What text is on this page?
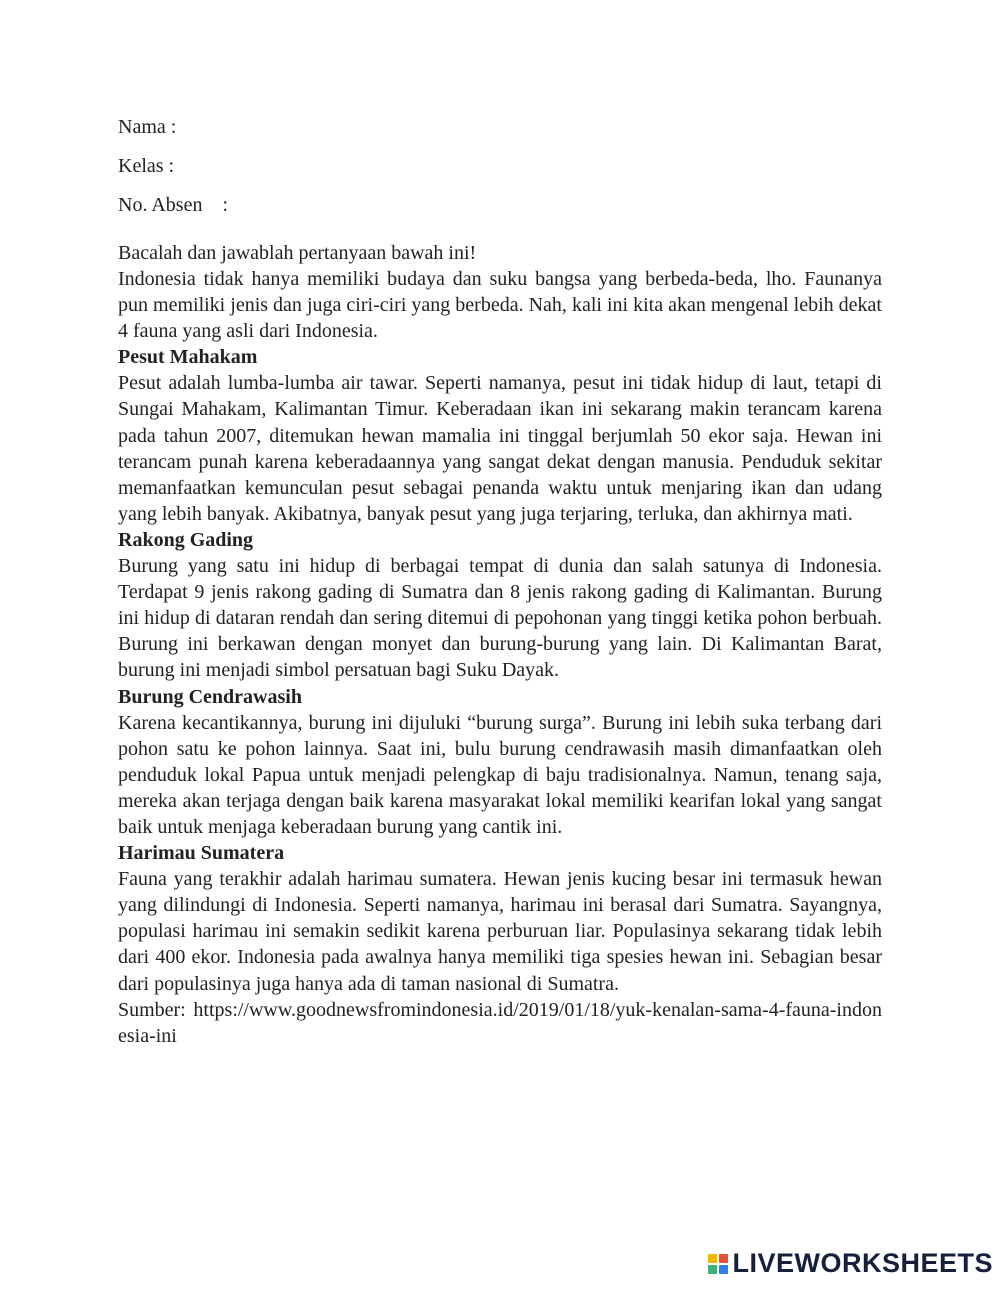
Nama :
Kelas :
No. Absen    :
Bacalah dan jawablah pertanyaan bawah ini!

Indonesia tidak hanya memiliki budaya dan suku bangsa yang berbeda-beda, lho. Faunanya pun memiliki jenis dan juga ciri-ciri yang berbeda. Nah, kali ini kita akan mengenal lebih dekat 4 fauna yang asli dari Indonesia.

Pesut Mahakam

Pesut adalah lumba-lumba air tawar. Seperti namanya, pesut ini tidak hidup di laut, tetapi di Sungai Mahakam, Kalimantan Timur. Keberadaan ikan ini sekarang makin terancam karena pada tahun 2007, ditemukan hewan mamalia ini tinggal berjumlah 50 ekor saja. Hewan ini terancam punah karena keberadaannya yang sangat dekat dengan manusia. Penduduk sekitar memanfaatkan kemunculan pesut sebagai penanda waktu untuk menjaring ikan dan udang yang lebih banyak. Akibatnya, banyak pesut yang juga terjaring, terluka, dan akhirnya mati.

Rakong Gading

Burung yang satu ini hidup di berbagai tempat di dunia dan salah satunya di Indonesia. Terdapat 9 jenis rakong gading di Sumatra dan 8 jenis rakong gading di Kalimantan. Burung ini hidup di dataran rendah dan sering ditemui di pepohonan yang tinggi ketika pohon berbuah. Burung ini berkawan dengan monyet dan burung-burung yang lain. Di Kalimantan Barat, burung ini menjadi simbol persatuan bagi Suku Dayak.

Burung Cendrawasih

Karena kecantikannya, burung ini dijuluki “burung surga”. Burung ini lebih suka terbang dari pohon satu ke pohon lainnya. Saat ini, bulu burung cendrawasih masih dimanfaatkan oleh penduduk lokal Papua untuk menjadi pelengkap di baju tradisionalnya. Namun, tenang saja, mereka akan terjaga dengan baik karena masyarakat lokal memiliki kearifan lokal yang sangat baik untuk menjaga keberadaan burung yang cantik ini.

Harimau Sumatera

Fauna yang terakhir adalah harimau sumatera. Hewan jenis kucing besar ini termasuk hewan yang dilindungi di Indonesia. Seperti namanya, harimau ini berasal dari Sumatra. Sayangnya, populasi harimau ini semakin sedikit karena perburuan liar. Populasinya sekarang tidak lebih dari 400 ekor. Indonesia pada awalnya hanya memiliki tiga spesies hewan ini. Sebagian besar dari populasinya juga hanya ada di taman nasional di Sumatra.

Sumber: https://www.goodnewsfromindonesia.id/2019/01/18/yuk-kenalan-sama-4-fauna-indonesia-ini

LIVEWORKSHEETS
